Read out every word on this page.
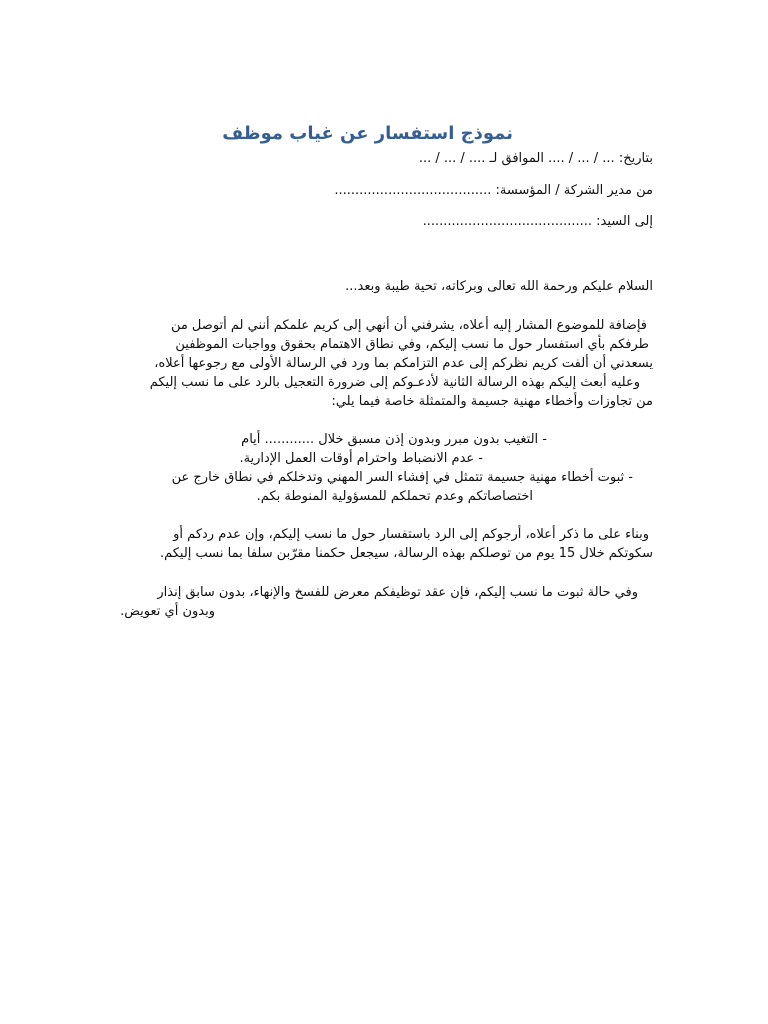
نموذج استفسار عن غياب موظف

بتاريخ: ... / ... / .... الموافق لـ .... / ... / ...

من مدير الشركة / المؤسسة: ......................................

إلى السيد: .........................................

السلام عليكم ورحمة الله تعالى وبركاته، تحية طيبة وبعد...

فإضافة للموضوع المشار إليه أعلاه، يشرفني أن أنهي إلى كريم علمكم أنني لم أتوصل من

طرفكم بأي استفسار حول ما نسب إليكم، وفي نطاق الاهتمام بحقوق وواجبات الموظفين

يسعدني أن ألفت كريم نظركم إلى عدم التزامكم بما ورد في الرسالة الأولى مع رجوعها أعلاه،

وعليه أبعث إليكم بهذه الرسالة الثانية لأدعـوكم إلى ضرورة التعجيل بالرد على ما نسب إليكم

من تجاوزات وأخطاء مهنية جسيمة والمتمثلة خاصة فيما يلي:

- التغيب بدون مبرر وبدون إذن مسبق خلال ............ أيام

- عدم الانضباط واحترام أوقات العمل الإدارية.

- ثبوت أخطاء مهنية جسيمة تتمثل في إفشاء السر المهني وتدخلكم في نطاق خارج عن

اختصاصاتكم وعدم تحملكم للمسؤولية المنوطة بكم.

وبناء على ما ذكر أعلاه، أرجوكم إلى الرد باستفسار حول ما نسب إليكم، وإن عدم ردكم أو

سكوتكم خلال 15 يوم من توصلكم بهذه الرسالة، سيجعل حكمنا مقرّبن سلفا بما نسب إليكم.

وفي حالة ثبوت ما نسب إليكم، فإن عقد توظيفكم معرض للفسخ والإنهاء، بدون سابق إنذار

وبدون أي تعويض.
